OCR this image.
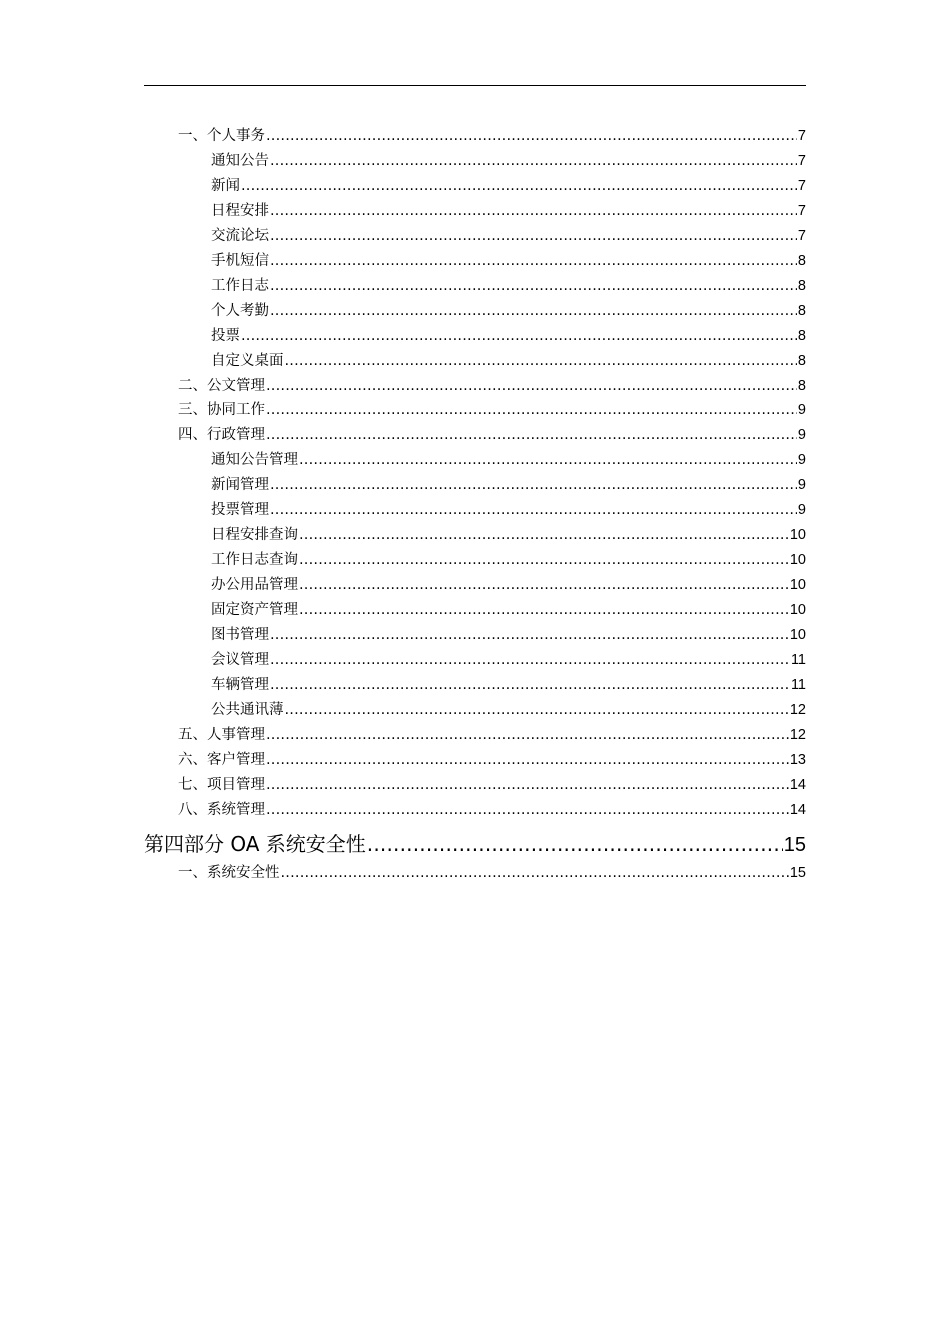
一、个人事务 .....	7
通知公告 .....	7
新闻 .....	7
日程安排 .....	7
交流论坛 .....	7
手机短信 .....	8
工作日志 .....	8
个人考勤 .....	8
投票 .....	8
自定义桌面 .....	8
二、公文管理 .....	8
三、协同工作 .....	9
四、行政管理 .....	9
通知公告管理 .....	9
新闻管理 .....	9
投票管理 .....	9
日程安排查询 .....	10
工作日志查询 .....	10
办公用品管理 .....	10
固定资产管理 .....	10
图书管理 .....	10
会议管理 .....	11
车辆管理 .....	11
公共通讯薄 .....	12
五、人事管理 .....	12
六、客户管理 .....	13
七、项目管理 .....	14
八、系统管理 .....	14
第四部分 OA 系统安全性 .....	15
一、系统安全性 .....	15
